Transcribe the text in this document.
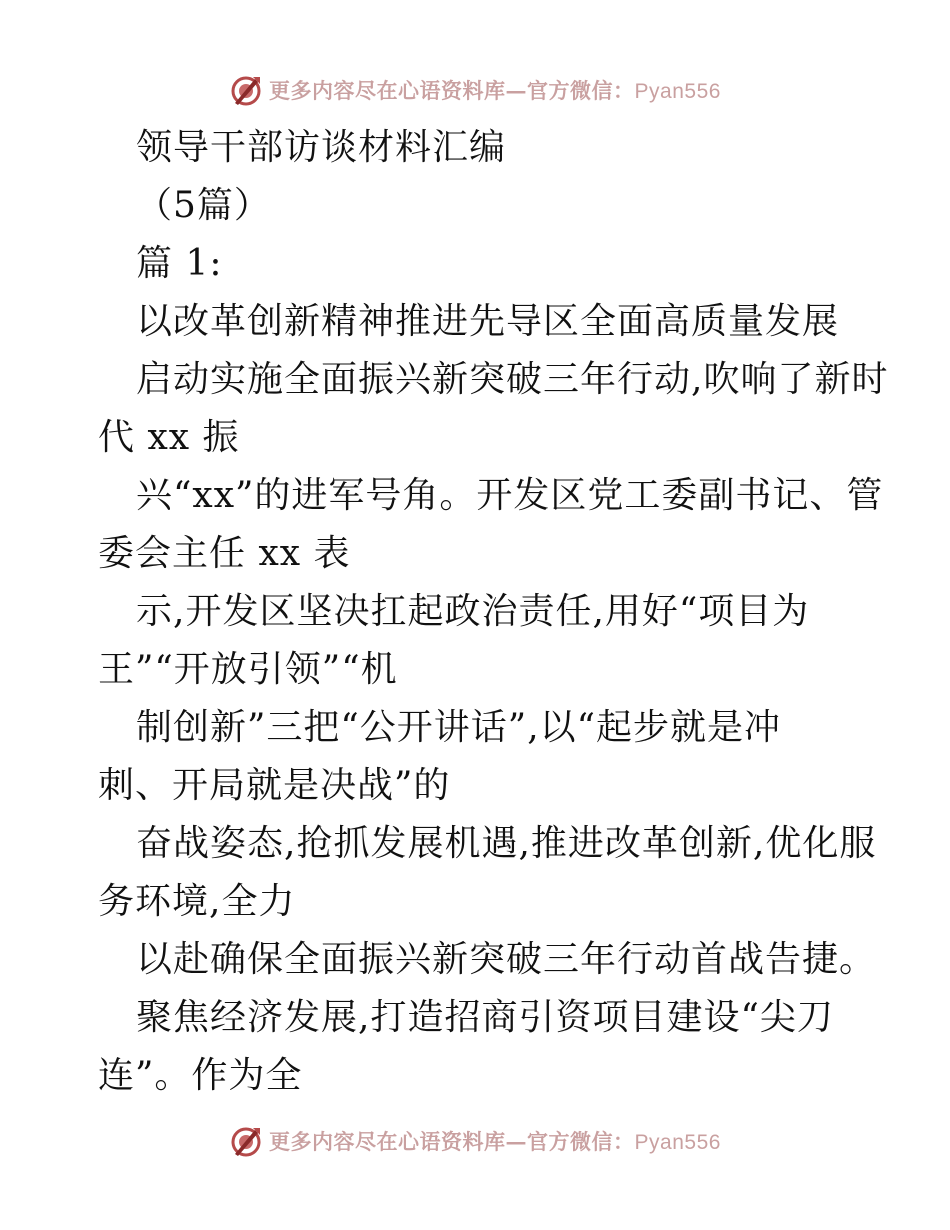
更多内容尽在心语资料库—官方微信：Pyan556
领导干部访谈材料汇编
（5篇）
篇 1:
以改革创新精神推进先导区全面高质量发展
启动实施全面振兴新突破三年行动,吹响了新时
代 xx 振
兴“xx”的进军号角。开发区党工委副书记、管
委会主任 xx 表
示,开发区坚决扛起政治责任,用好“项目为
王”“开放引领”“机
制创新”三把“公开讲话”,以“起步就是冲
刺、开局就是决战”的
奋战姿态,抢抓发展机遇,推进改革创新,优化服
务环境,全力
以赴确保全面振兴新突破三年行动首战告捷。
聚焦经济发展,打造招商引资项目建设“尖刀
连”。作为全
更多内容尽在心语资料库—官方微信：Pyan556
